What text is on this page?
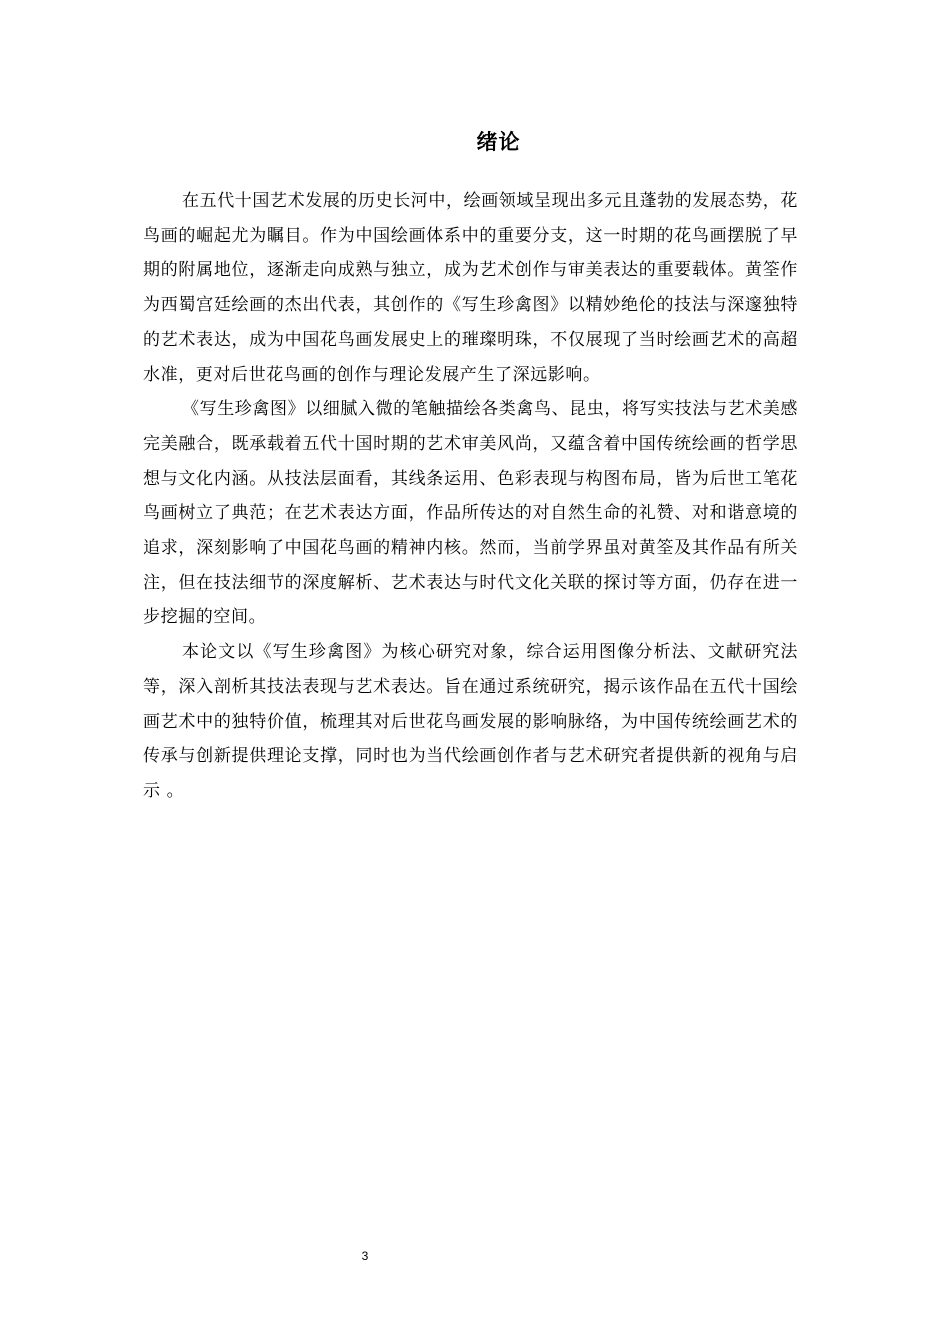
绪论

在五代十国艺术发展的历史长河中，绘画领域呈现出多元且蓬勃的发展态势，花鸟画的崛起尤为瞩目。作为中国绘画体系中的重要分支，这一时期的花鸟画摆脱了早期的附属地位，逐渐走向成熟与独立，成为艺术创作与审美表达的重要载体。黄筌作为西蜀宫廷绘画的杰出代表，其创作的《写生珍禽图》以精妙绝伦的技法与深邃独特的艺术表达，成为中国花鸟画发展史上的璀璨明珠，不仅展现了当时绘画艺术的高超水准，更对后世花鸟画的创作与理论发展产生了深远影响。

《写生珍禽图》以细腻入微的笔触描绘各类禽鸟、昆虫，将写实技法与艺术美感完美融合，既承载着五代十国时期的艺术审美风尚，又蕴含着中国传统绘画的哲学思想与文化内涵。从技法层面看，其线条运用、色彩表现与构图布局，皆为后世工笔花鸟画树立了典范；在艺术表达方面，作品所传达的对自然生命的礼赞、对和谐意境的追求，深刻影响了中国花鸟画的精神内核。然而，当前学界虽对黄筌及其作品有所关注，但在技法细节的深度解析、艺术表达与时代文化关联的探讨等方面，仍存在进一步挖掘的空间。

本论文以《写生珍禽图》为核心研究对象，综合运用图像分析法、文献研究法等，深入剖析其技法表现与艺术表达。旨在通过系统研究，揭示该作品在五代十国绘画艺术中的独特价值，梳理其对后世花鸟画发展的影响脉络，为中国传统绘画艺术的传承与创新提供理论支撑，同时也为当代绘画创作者与艺术研究者提供新的视角与启示 。

3
